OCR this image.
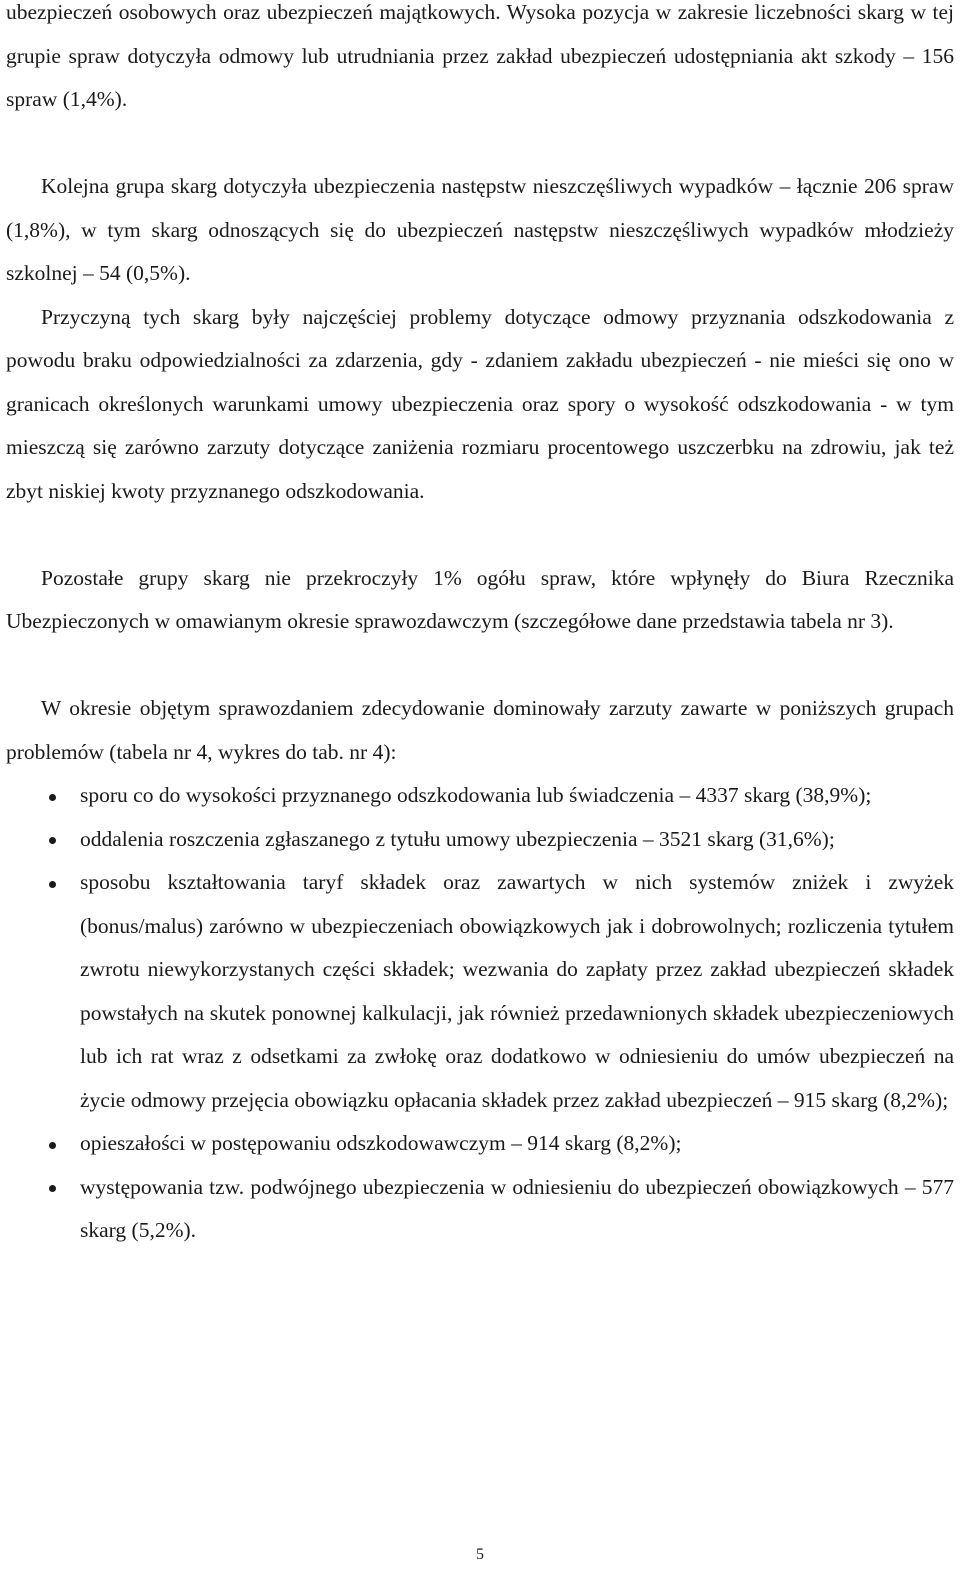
ubezpieczeń osobowych oraz ubezpieczeń majątkowych. Wysoka pozycja w zakresie liczebności skarg w tej grupie spraw dotyczyła odmowy lub utrudniania przez zakład ubezpieczeń udostępniania akt szkody – 156 spraw (1,4%).

Kolejna grupa skarg dotyczyła ubezpieczenia następstw nieszczęśliwych wypadków – łącznie 206 spraw (1,8%), w tym skarg odnoszących się do ubezpieczeń następstw nieszczęśliwych wypadków młodzieży szkolnej – 54 (0,5%).

Przyczyną tych skarg były najczęściej problemy dotyczące odmowy przyznania odszkodowania z powodu braku odpowiedzialności za zdarzenia, gdy - zdaniem zakładu ubezpieczeń - nie mieści się ono w granicach określonych warunkami umowy ubezpieczenia oraz spory o wysokość odszkodowania - w tym mieszczą się zarówno zarzuty dotyczące zaniżenia rozmiaru procentowego uszczerbku na zdrowiu, jak też zbyt niskiej kwoty przyznanego odszkodowania.

Pozostałe grupy skarg nie przekroczyły 1% ogółu spraw, które wpłynęły do Biura Rzecznika Ubezpieczonych w omawianym okresie sprawozdawczym (szczegółowe dane przedstawia tabela nr 3).

W okresie objętym sprawozdaniem zdecydowanie dominowały zarzuty zawarte w poniższych grupach problemów (tabela nr 4, wykres do tab. nr 4):

sporu co do wysokości przyznanego odszkodowania lub świadczenia – 4337 skarg (38,9%);
oddalenia roszczenia zgłaszanego z tytułu umowy ubezpieczenia – 3521 skarg (31,6%);
sposobu kształtowania taryf składek oraz zawartych w nich systemów zniżek i zwyżek (bonus/malus) zarówno w ubezpieczeniach obowiązkowych jak i dobrowolnych; rozliczenia tytułem zwrotu niewykorzystanych części składek; wezwania do zapłaty przez zakład ubezpieczeń składek powstałych na skutek ponownej kalkulacji, jak również przedawnionych składek ubezpieczeniowych lub ich rat wraz z odsetkami za zwłokę oraz dodatkowo w odniesieniu do umów ubezpieczeń na życie odmowy przejęcia obowiązku opłacania składek przez zakład ubezpieczeń – 915 skarg (8,2%);
opieszałości w postępowaniu odszkodowawczym – 914 skarg (8,2%);
występowania tzw. podwójnego ubezpieczenia w odniesieniu do ubezpieczeń obowiązkowych – 577 skarg (5,2%).
5
